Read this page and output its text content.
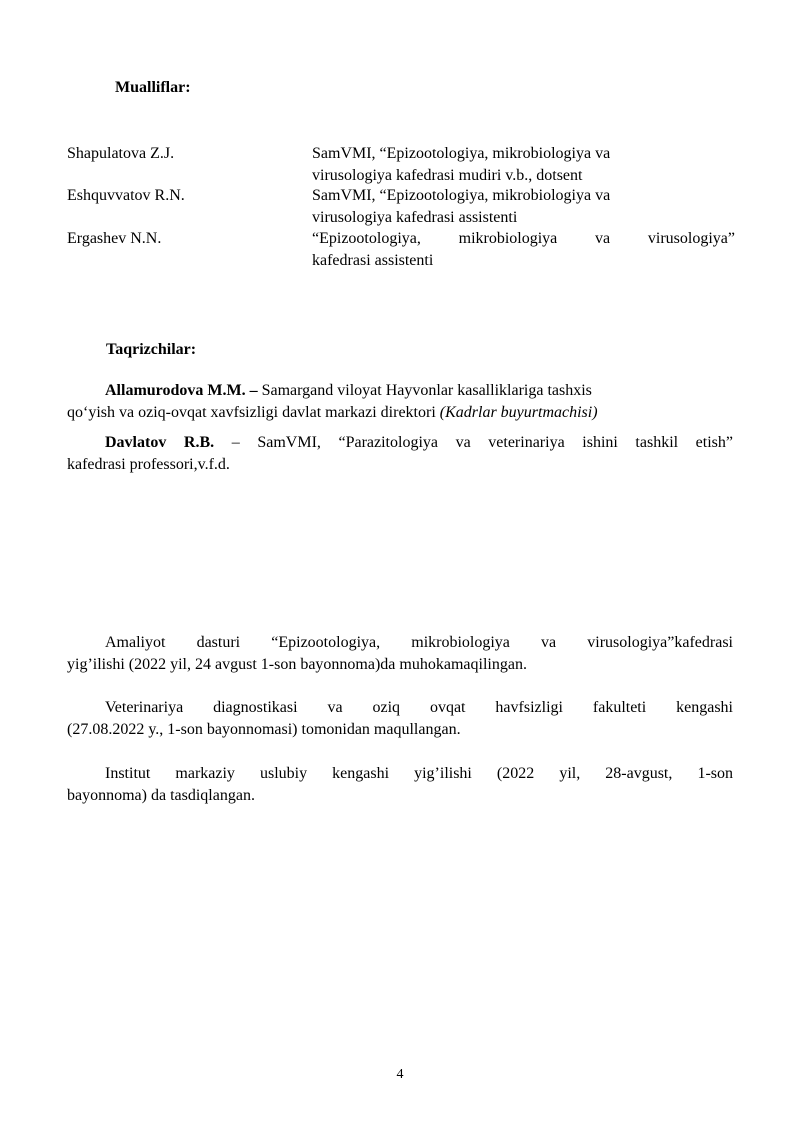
Mualliflar:

Shapulatova Z.J.	SamVMI, “Epizootologiya, mikrobiologiya va
virusologiya kafedrasi mudiri v.b., dotsent
Eshquvvatov R.N.	SamVMI, “Epizootologiya, mikrobiologiya va
virusologiya kafedrasi assistenti
Ergashev N.N.	“Epizootologiya, mikrobiologiya va virusologiya”
kafedrasi assistenti

Taqrizchilar:

Allamurodova M.M. – Samargand viloyat Hayvonlar kasalliklariga tashxis
qo‘yish va oziq-ovqat xavfsizligi davlat markazi direktori (Kadrlar buyurtmachisi)
Davlatov R.B. – SamVMI, “Parazitologiya va veterinariya ishini tashkil etish”
kafedrasi professori,v.f.d.
Amaliyot dasturi “Epizootologiya, mikrobiologiya va virusologiya”kafedrasi
yig’ilishi (2022 yil, 24 avgust 1-son bayonnoma)da muhokamaqilingan.
Veterinariya diagnostikasi va oziq ovqat havfsizligi fakulteti kengashi
(27.08.2022 y., 1-son bayonnomasi) tomonidan maqullangan.
Institut markaziy uslubiy kengashi yig’ilishi (2022 yil, 28-avgust, 1-son
bayonnoma) da tasdiqlangan.
4
